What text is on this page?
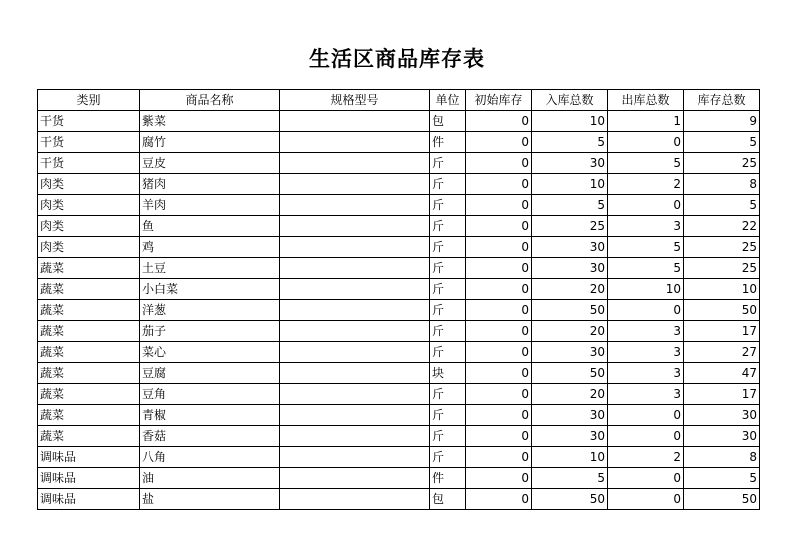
生活区商品库存表
类别	商品名称	规格型号	单位	初始库存	入库总数	出库总数	库存总数
干货	紫菜		包	0	10	1	9
干货	腐竹		件	0	5	0	5
干货	豆皮		斤	0	30	5	25
肉类	猪肉		斤	0	10	2	8
肉类	羊肉		斤	0	5	0	5
肉类	鱼		斤	0	25	3	22
肉类	鸡		斤	0	30	5	25
蔬菜	土豆		斤	0	30	5	25
蔬菜	小白菜		斤	0	20	10	10
蔬菜	洋葱		斤	0	50	0	50
蔬菜	茄子		斤	0	20	3	17
蔬菜	菜心		斤	0	30	3	27
蔬菜	豆腐		块	0	50	3	47
蔬菜	豆角		斤	0	20	3	17
蔬菜	青椒		斤	0	30	0	30
蔬菜	香菇		斤	0	30	0	30
调味品	八角		斤	0	10	2	8
调味品	油		件	0	5	0	5
调味品	盐		包	0	50	0	50
